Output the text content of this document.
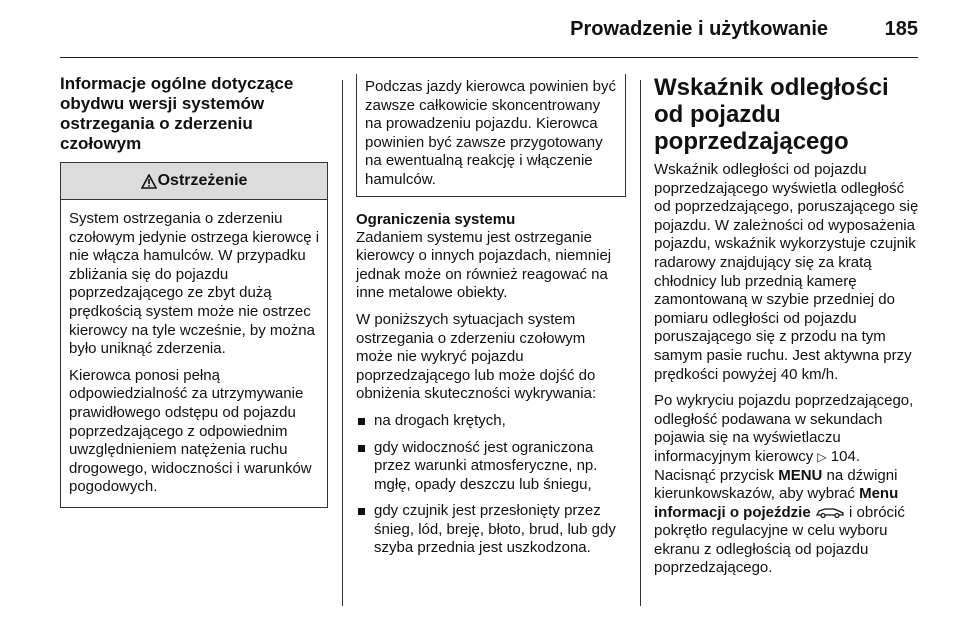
Prowadzenie i użytkowanie	185
Informacje ogólne dotyczące obydwu wersji systemów ostrzegania o zderzeniu czołowym
Ostrzeżenie

System ostrzegania o zderzeniu czołowym jedynie ostrzega kierowcę i nie włącza hamulców. W przypadku zbliżania się do pojazdu poprzedzającego ze zbyt dużą prędkością system może nie ostrzec kierowcy na tyle wcześnie, by można było uniknąć zderzenia.

Kierowca ponosi pełną odpowiedzialność za utrzymywanie prawidłowego odstępu od pojazdu poprzedzającego z odpowiednim uwzględnieniem natężenia ruchu drogowego, widoczności i warunków pogodowych.

Podczas jazdy kierowca powinien być zawsze całkowicie skoncentrowany na prowadzeniu pojazdu. Kierowca powinien być zawsze przygotowany na ewentualną reakcję i włączenie hamulców.

Ograniczenia systemu

Zadaniem systemu jest ostrzeganie kierowcy o innych pojazdach, niemniej jednak może on również reagować na inne metalowe obiekty.

W poniższych sytuacjach system ostrzegania o zderzeniu czołowym może nie wykryć pojazdu poprzedzającego lub może dojść do obniżenia skuteczności wykrywania:

na drogach krętych,
gdy widoczność jest ograniczona przez warunki atmosferyczne, np. mgłę, opady deszczu lub śniegu,
gdy czujnik jest przesłonięty przez śnieg, lód, breję, błoto, brud, lub gdy szyba przednia jest uszkodzona.
Wskaźnik odległości od pojazdu poprzedzającego

Wskaźnik odległości od pojazdu poprzedzającego wyświetla odległość od poprzedzającego, poruszającego się pojazdu. W zależności od wyposażenia pojazdu, wskaźnik wykorzystuje czujnik radarowy znajdujący się za kratą chłodnicy lub przednią kamerę zamontowaną w szybie przedniej do pomiaru odległości od pojazdu poruszającego się z przodu na tym samym pasie ruchu. Jest aktywna przy prędkości powyżej 40 km/h.

Po wykryciu pojazdu poprzedzającego, odległość podawana w sekundach pojawia się na wyświetlaczu informacyjnym kierowcy ▷ 104. Nacisnąć przycisk MENU na dźwigni kierunkowskazów, aby wybrać Menu informacji o pojeździe	i obrócić pokrętło regulacyjne w celu wyboru ekranu z odległością od pojazdu poprzedzającego.
